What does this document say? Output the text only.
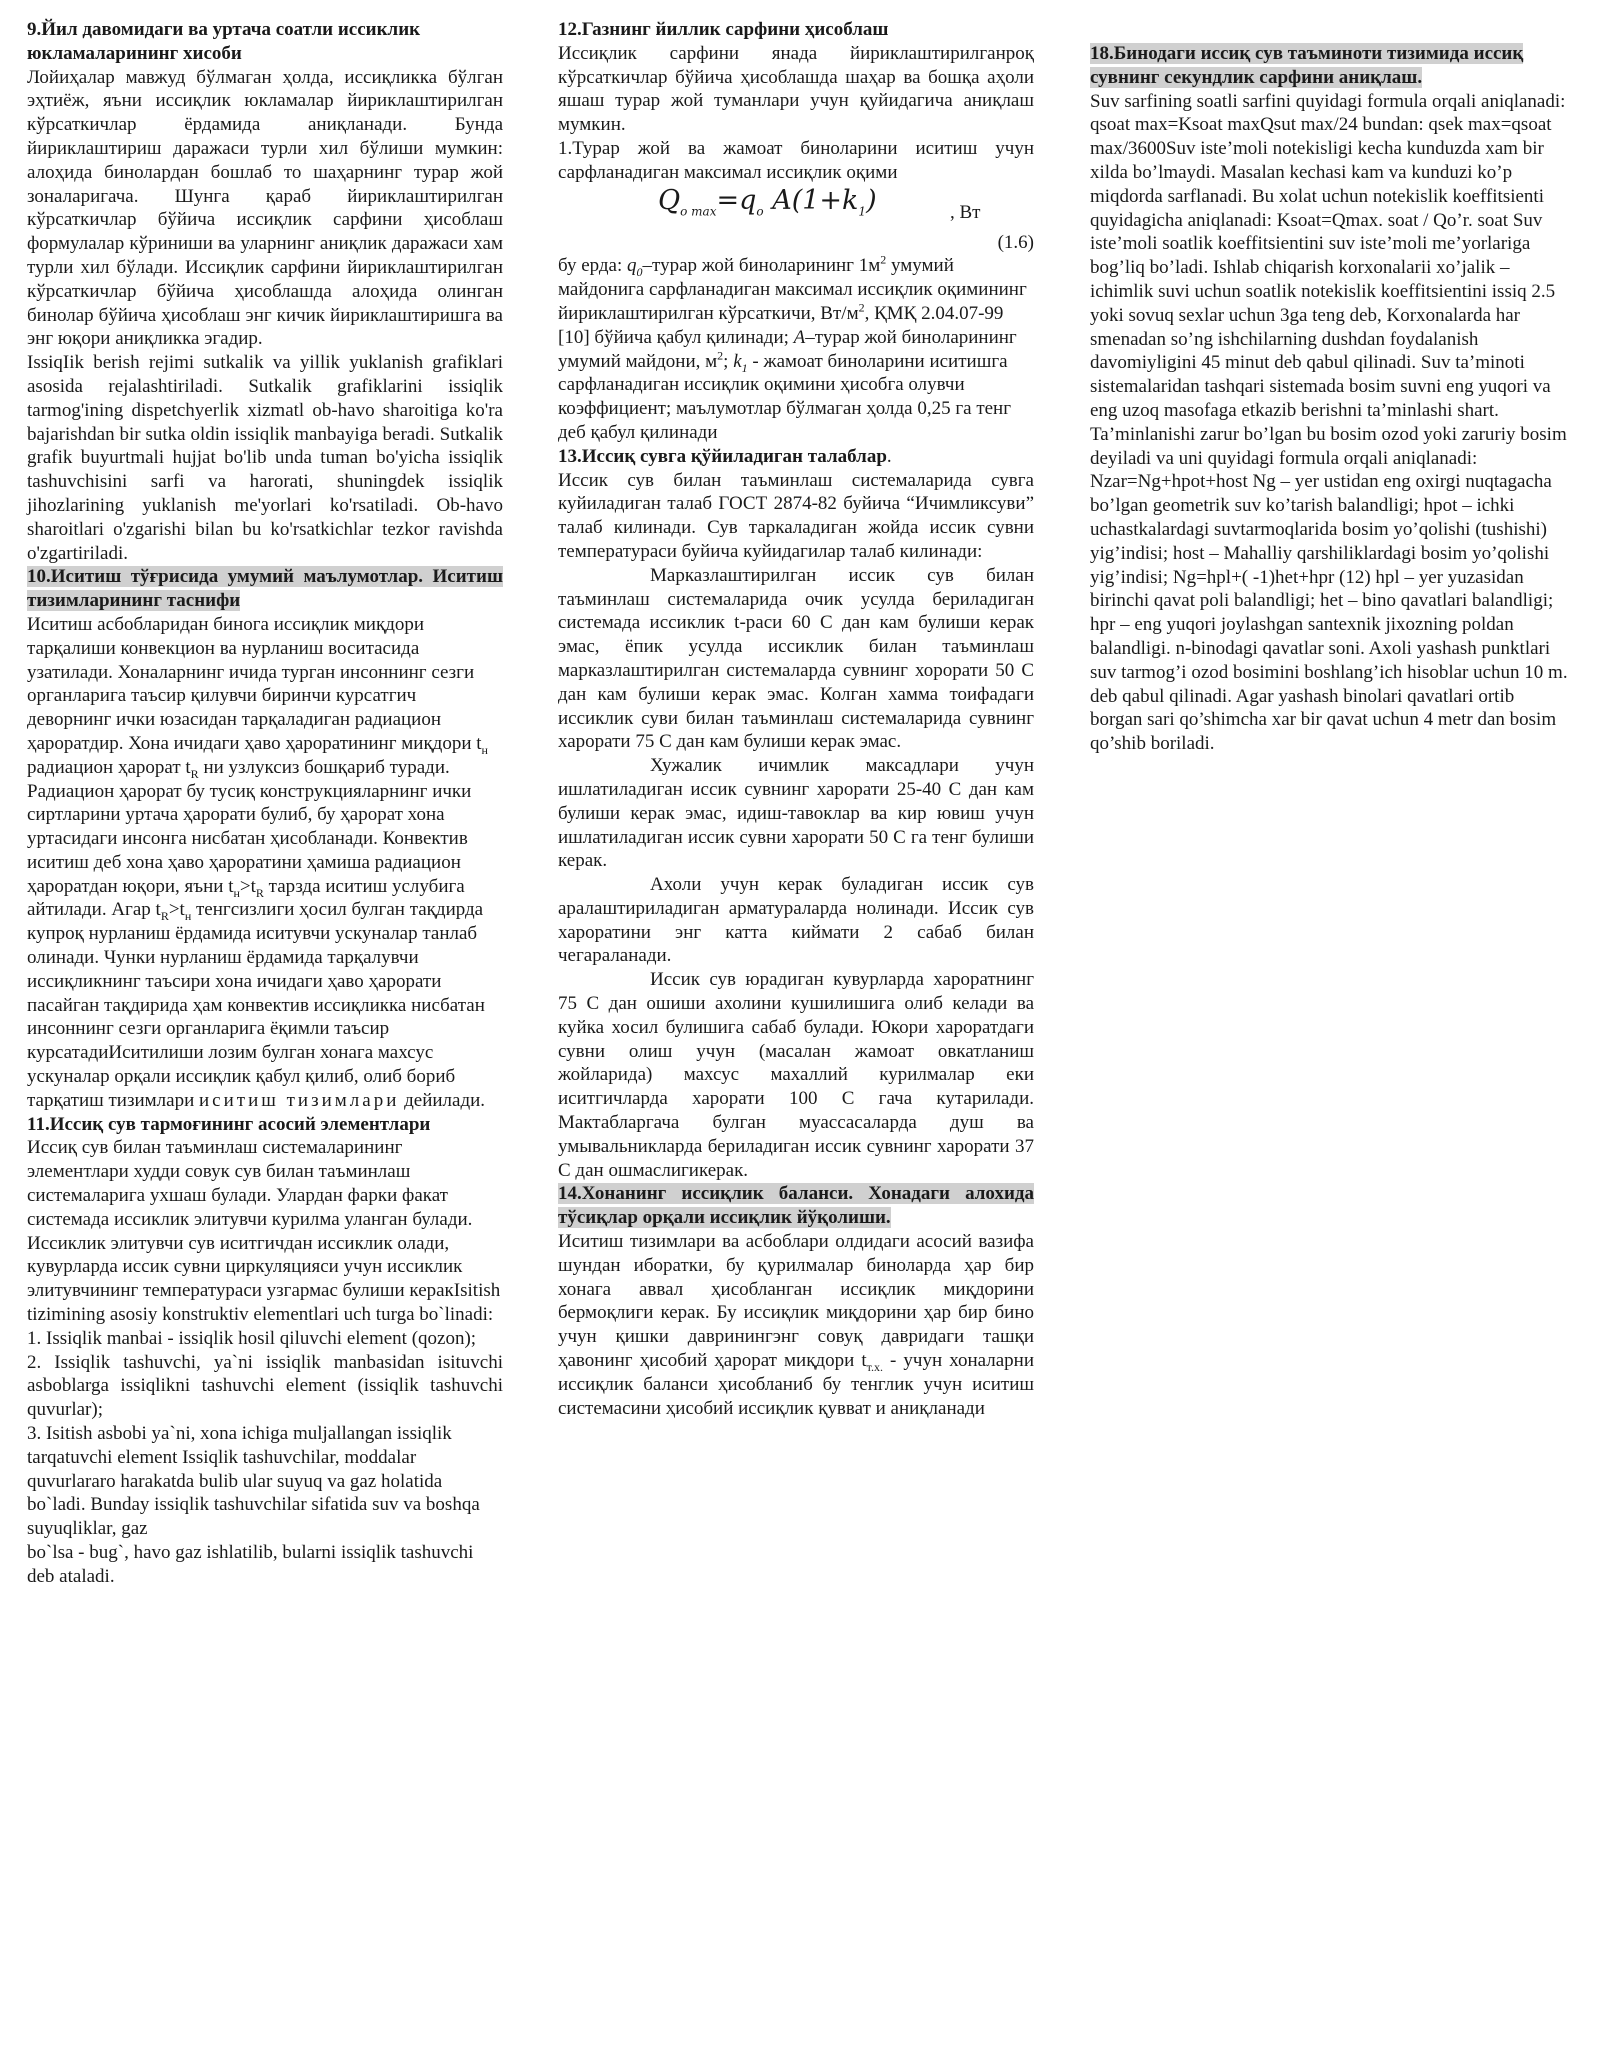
9.Йил давомидаги ва уртача соатли иссиклик юкламаларининг хисоби

Лойиҳалар мавжуд бўлмаган ҳолда, иссиқликка бўлган эҳтиёж, яъни иссиқлик юкламалар йириклаштирилган кўрсаткичлар ёрдамида аниқланади. Бунда йириклаштириш даражаси турли хил бўлиши мумкин: алоҳида бинолардан бошлаб то шаҳарнинг турар жой зоналаригача. Шунга қараб йириклаштирилган кўрсаткичлар бўйича иссиқлик сарфини ҳисоблаш формулалар кўриниши ва уларнинг аниқлик даражаси хам турли хил бўлади. Иссиқлик сарфини йириклаштирилган кўрсаткичлар бўйича ҳисоблашда алоҳида олинган бинолар бўйича ҳисоблаш энг кичик йириклаштиришга ва энг юқори аниқликка эгадир.

IssiqIik berish rejimi sutkalik va yillik yuklanish grafiklari asosida rejalashtiriladi. Sutkalik grafiklarini issiqlik tarmog'ining dispetchyerlik xizmatl ob-havo sharoitiga ko'ra bajarishdan bir sutka oldin issiqlik manbayiga beradi. Sutkalik grafik buyurtmali hujjat bo'lib unda tuman bo'yicha issiqlik tashuvchisini sarfi va harorati, shuningdek issiqlik jihozlarining yuklanish me'yorlari ko'rsatiladi. Ob-havo sharoitlari o'zgarishi bilan bu ko'rsatkichlar tezkor ravishda o'zgartiriladi.

10.Иситиш тўғрисида умумий маълумотлар. Иситиш тизимларининг таснифи

Иситиш асбобларидан бинога иссиқлик миқдори тарқалиши конвекцион ва нурланиш воситасида узатилади. Хоналарнинг ичида турган инсоннинг сезги органларига таъсир қилувчи биринчи курсатгич деворнинг ички юзасидан тарқаладиган радиацион ҳароратдир. Хона ичидаги ҳаво ҳароратининг миқдори $t_н$ радиацион ҳарорат $t_R$ ни узлуксиз бошқариб туради. Радиацион ҳарорат бу тусиқ конструкцияларнинг ички сиртларини уртача ҳарорати булиб, бу ҳарорат хона уртасидаги инсонга нисбатан ҳисобланади. Конвектив иситиш деб хона ҳаво ҳароратини ҳамиша радиацион ҳароратдан юқори, яъни $t_н>t_R$ тарзда иситиш услубига айтилади. Агар $t_R>t_н$ тенгсизлиги ҳосил булган тақдирда купроқ нурланиш ёрдамида иситувчи ускуналар танлаб олинади. Чунки нурланиш ёрдамида тарқалувчи иссиқликнинг таъсири хона ичидаги ҳаво ҳарорати пасайган тақдирида ҳам конвектив иссиқликка нисбатан инсоннинг сезги органларига ёқимли таъсир курсатадиИситилиши лозим булган хонага махсус ускуналар орқали иссиқлик қабул қилиб, олиб бориб тарқатиш тизимлари иситиш тизимлари дейилади.

11.Иссиқ сув тармоғининг асосий элементлари

Иссиқ сув билан таъминлаш системаларининг элементлари худди совук сув билан таъминлаш системаларига ухшаш булади. Улардан фарки факат системада иссиклик элитувчи курилма уланган булади. Иссиклик элитувчи сув иситгичдан иссиклик олади, кувурларда иссик сувни циркуляцияси учун иссиклик элитувчининг температураси узгармас булиши керакIsitish tizimining asosiy konstruktiv elementlari uch turga bo`linadi: 1. Issiqlik manbai - issiqlik hosil qiluvchi element (qozon);

2. Issiqlik tashuvchi, ya`ni issiqlik manbasidan isituvchi asboblarga issiqlikni tashuvchi element (issiqlik tashuvchi quvurlar);

3. Isitish asbobi ya`ni, xona ichiga muljallangan issiqlik tarqatuvchi element Issiqlik tashuvchilar, moddalar quvurlararo harakatda bulib ular suyuq va gaz holatida bo`ladi. Bunday issiqlik tashuvchilar sifatida suv va boshqa suyuqliklar, gaz

bo`lsa - bug`, havo gaz ishlatilib, bularni issiqlik tashuvchi deb ataladi.

12.Газнинг йиллик сарфини ҳисоблаш

Иссиқлик сарфини янада йириклаштирилганроқ кўрсаткичлар бўйича ҳисоблашда шаҳар ва бошқа аҳоли яшаш турар жой туманлари учун қуйидагича аниқлаш мумкин.

1.Турар жой ва жамоат биноларини иситиш учун сарфланадиган максимал иссиқлик оқими

$Q_{o max}=q_o$ $A(1+k_1)$	, Вт

(1.6)

бу ерда: $q_0$–турар жой биноларининг $1м^2$ умумий майдонига сарфланадиган максимал иссиқлик оқимининг йириклаштирилган кўрсаткичи, $Вт/м^2$, ҚМҚ 2.04.07-99 [10] бўйича қабул қилинади; A–турар жой биноларининг умумий майдони, $м^2$; $k_1$ - жамоат биноларини иситишга сарфланадиган иссиқлик оқимини ҳисобга олувчи коэффициент; маълумотлар бўлмаган ҳолда 0,25 га тенг деб қабул қилинади

13.Иссиқ сувга қўйиладиган талаблар.

Иссик сув билан таъминлаш системаларида сувга куйиладиган талаб ГОСТ 2874-82 буйича “Ичимликсуви” талаб килинади. Сув таркаладиган жойда иссик сувни температураси буйича куйидагилар талаб килинади:

Марказлаштирилган иссик сув билан таъминлаш системаларида очик усулда бериладиган системада иссиклик t-раси 60 С дан кам булиши керак эмас, ёпик усулда иссиклик билан таъминлаш марказлаштирилган системаларда сувнинг хорорати 50 С дан кам булиши керак эмас. Колган хамма тоифадаги иссиклик суви билан таъминлаш системаларида сувнинг харорати 75 С дан кам булиши керак эмас.

Хужалик ичимлик максадлари учун ишлатиладиган иссик сувнинг харорати 25-40 С дан кам булиши керак эмас, идиш-тавоклар ва кир ювиш учун ишлатиладиган иссик сувни харорати 50 С га тенг булиши керак.

Ахоли учун керак буладиган иссик сув аралаштириладиган арматураларда нолинади. Иссик сув хароратини энг катта киймати 2 сабаб билан чегараланади.

Иссик сув юрадиган кувурларда хароратнинг 75 С дан ошиши ахолини кушилишига олиб келади ва куйка хосил булишига сабаб булади. Юкори хароратдаги сувни олиш учун (масалан жамоат овкатланиш жойларида) махсус махаллий курилмалар еки иситгичларда харорати 100 С гача кутарилади. Мактабларгача булган муассасаларда душ ва умывальникларда бериладиган иссик сувнинг харорати 37 С дан ошмаслигикерак.

14.Хонанинг иссиқлик баланси. Хонадаги алохида тўсиқлар орқали иссиқлик йўқолиши.

Иситиш тизимлари ва асбоблари олдидаги асосий вазифа шундан иборатки, бу қурилмалар биноларда ҳар бир хонага аввал ҳисобланган иссиқлик миқдорини бермоқлиги керак. Бу иссиқлик миқдорини ҳар бир бино учун қишки давринингэнг совуқ давридаги ташқи ҳавонинг ҳисобий ҳарорат миқдори $t_{т.х.}$ - учун хоналарни иссиқлик баланси ҳисобланиб бу тенглик учун иситиш системасини ҳисобий иссиқлик қувват и аниқланади

18.Бинодаги иссиқ сув таъминоти тизимида иссиқ сувнинг секундлик сарфини аниқлаш.

Suv sarfining soatli sarfini quyidagi formula orqali aniqlanadi: qsoat max=Ksoat maxQsut max/24 bundan: qsek max=qsoat max/3600Suv iste’moli notekisligi kecha kunduzda xam bir xilda bo’lmaydi. Masalan kechasi kam va kunduzi ko’p miqdorda sarflanadi. Bu xolat uchun notekislik koeffitsienti quyidagicha aniqlanadi: Ksoat=Qmax. soat / Qo’r. soat Suv iste’moli soatlik koeffitsientini suv iste’moli me’yorlariga bog’liq bo’ladi. Ishlab chiqarish korxonalarii xo’jalik –ichimlik suvi uchun soatlik notekislik koeffitsientini issiq 2.5 yoki sovuq sexlar uchun 3ga teng deb, Korxonalarda har smenadan so’ng ishchilarning dushdan foydalanish davomiyligini 45 minut deb qabul qilinadi. Suv ta’minoti sistemalaridan tashqari sistemada bosim suvni eng yuqori va eng uzoq masofaga etkazib berishni ta’minlashi shart.

Ta’minlanishi zarur bo’lgan bu bosim ozod yoki zaruriy bosim deyiladi va uni quyidagi formula orqali aniqlanadi: Nzar=Ng+hpot+host Ng – yer ustidan eng oxirgi nuqtagacha bo’lgan geometrik suv ko’tarish balandligi; hpot – ichki uchastkalardagi suvtarmoqlarida bosim yo’qolishi (tushishi) yig’indisi; host – Mahalliy qarshiliklardagi bosim yo’qolishi yig’indisi; Ng=hpl+( -1)het+hpr (12) hpl – yer yuzasidan birinchi qavat poli balandligi; het – bino qavatlari balandligi; hpr – eng yuqori joylashgan santexnik jixozning poldan balandligi. n-binodagi qavatlar soni. Axoli yashash punktlari suv tarmog’i ozod bosimini boshlang’ich hisoblar uchun 10 m. deb qabul qilinadi. Agar yashash binolari qavatlari ortib borgan sari qo’shimcha xar bir qavat uchun 4 metr dan bosim qo’shib boriladi.
